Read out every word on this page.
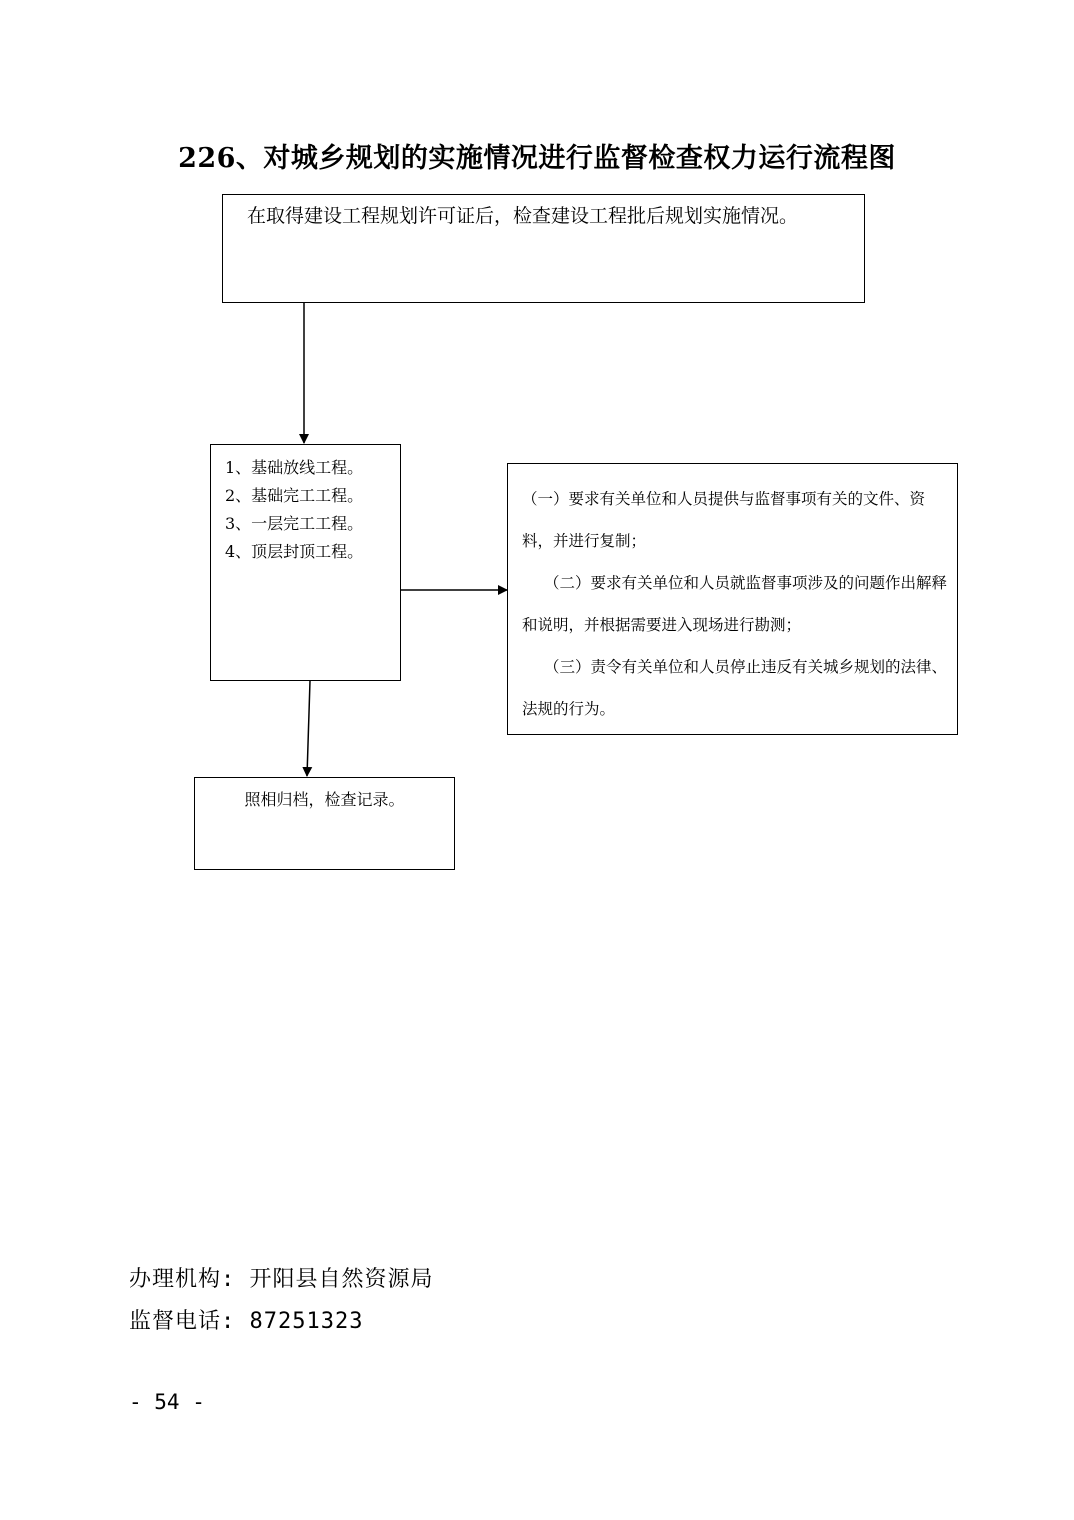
226、对城乡规划的实施情况进行监督检查权力运行流程图
在取得建设工程规划许可证后，检查建设工程批后规划实施情况。
1、基础放线工程。
2、基础完工工程。
3、一层完工工程。
4、顶层封顶工程。
（一）要求有关单位和人员提供与监督事项有关的文件、资料，并进行复制；
（二）要求有关单位和人员就监督事项涉及的问题作出解释和说明，并根据需要进入现场进行勘测；
（三）责令有关单位和人员停止违反有关城乡规划的法律、法规的行为。
照相归档，检查记录。
办理机构: 开阳县自然资源局
监督电话: 87251323
- 54 -
